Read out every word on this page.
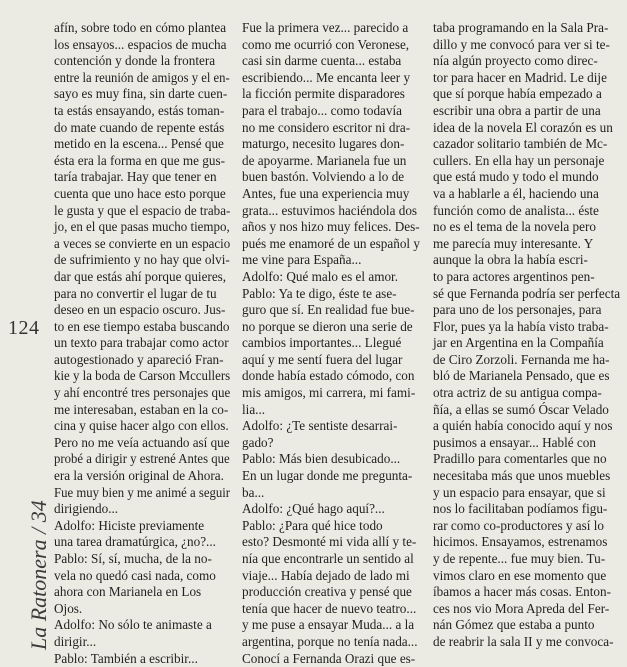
124
La Ratonera / 34

afín, sobre todo en cómo plantea

los ensayos... espacios de mucha

contención y donde la frontera

entre la reunión de amigos y el en-

sayo es muy fina, sin darte cuen-

ta estás ensayando, estás toman-

do mate cuando de repente estás

metido en la escena... Pensé que

ésta era la forma en que me gus-

taría trabajar. Hay que tener en

cuenta que uno hace esto porque

le gusta y que el espacio de traba-

jo, en el que pasas mucho tiempo,

a veces se convierte en un espacio

de sufrimiento y no hay que olvi-

dar que estás ahí porque quieres,

para no convertir el lugar de tu

deseo en un espacio oscuro. Jus-

to en ese tiempo estaba buscando

un texto para trabajar como actor

autogestionado y apareció Fran-

kie y la boda de Carson Mccullers

y ahí encontré tres personajes que

me interesaban, estaban en la co-

cina y quise hacer algo con ellos.

Pero no me veía actuando así que

probé a dirigir y estrené Antes que

era la versión original de Ahora.

Fue muy bien y me animé a seguir

dirigiendo...

Adolfo: Hiciste previamente

una tarea dramatúrgica, ¿no?...

Pablo: Sí, sí, mucha, de la no-

vela no quedó casi nada, como

ahora con Marianela en Los

Ojos.

Adolfo: No sólo te animaste a

dirigir...

Pablo: También a escribir...

Fue la primera vez... parecido a

como me ocurrió con Veronese,

casi sin darme cuenta... estaba

escribiendo... Me encanta leer y

la ficción permite disparadores

para el trabajo... como todavía

no me considero escritor ni dra-

maturgo, necesito lugares don-

de apoyarme. Marianela fue un

buen bastón. Volviendo a lo de

Antes, fue una experiencia muy

grata... estuvimos haciéndola dos

años y nos hizo muy felices. Des-

pués me enamoré de un español y

me vine para España...

Adolfo: Qué malo es el amor.

Pablo: Ya te digo, éste te ase-

guro que sí. En realidad fue bue-

no porque se dieron una serie de

cambios importantes... Llegué

aquí y me sentí fuera del lugar

donde había estado cómodo, con

mis amigos, mi carrera, mi fami-

lia...

Adolfo: ¿Te sentiste desarrai-

gado?

Pablo: Más bien desubicado...

En un lugar donde me pregunta-

ba...

Adolfo: ¿Qué hago aquí?...

Pablo: ¿Para qué hice todo

esto? Desmonté mi vida allí y te-

nía que encontrarle un sentido al

viaje... Había dejado de lado mi

producción creativa y pensé que

tenía que hacer de nuevo teatro...

y me puse a ensayar Muda... a la

argentina, porque no tenía nada...

Conocí a Fernanda Orazi que es-

taba programando en la Sala Pra-

dillo y me convocó para ver si te-

nía algún proyecto como direc-

tor para hacer en Madrid. Le dije

que sí porque había empezado a

escribir una obra a partir de una

idea de la novela El corazón es un

cazador solitario también de Mc-

cullers. En ella hay un personaje

que está mudo y todo el mundo

va a hablarle a él, haciendo una

función como de analista... éste

no es el tema de la novela pero

me parecía muy interesante. Y

aunque la obra la había escri-

to para actores argentinos pen-

sé que Fernanda podría ser perfecta

para uno de los personajes, para

Flor, pues ya la había visto traba-

jar en Argentina en la Compañía

de Ciro Zorzoli. Fernanda me ha-

bló de Marianela Pensado, que es

otra actriz de su antigua compa-

ñía, a ellas se sumó Óscar Velado

a quién había conocido aquí y nos

pusimos a ensayar... Hablé con

Pradillo para comentarles que no

necesitaba más que unos muebles

y un espacio para ensayar, que si

nos lo facilitaban podíamos figu-

rar como co-productores y así lo

hicimos. Ensayamos, estrenamos

y de repente... fue muy bien. Tu-

vimos claro en ese momento que

íbamos a hacer más cosas. Enton-

ces nos vio Mora Apreda del Fer-

nán Gómez que estaba a punto

de reabrir la sala II y me convoca-
